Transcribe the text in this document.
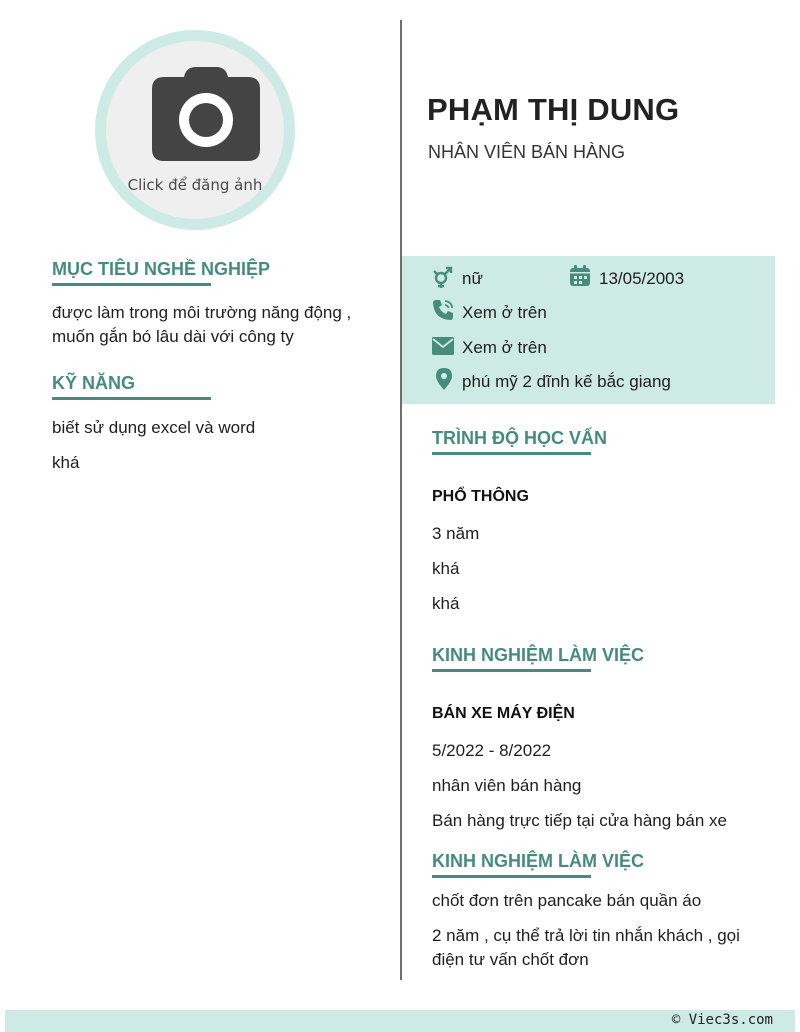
Click để đăng ảnh
MỤC TIÊU NGHỀ NGHIỆP
được làm trong môi trường năng động ,
muốn gắn bó lâu dài với công ty
KỸ NĂNG
biết sử dụng excel và word
khá
PHẠM THỊ DUNG
NHÂN VIÊN BÁN HÀNG
nữ	13/05/2003
Xem ở trên
Xem ở trên
phú mỹ 2 dĩnh kế bắc giang
TRÌNH ĐỘ HỌC VẤN
PHỔ THÔNG
3 năm
khá
khá
KINH NGHIỆM LÀM VIỆC
BÁN XE MÁY ĐIỆN
5/2022 - 8/2022
nhân viên bán hàng
Bán hàng trực tiếp tại cửa hàng bán xe
KINH NGHIỆM LÀM VIỆC
chốt đơn trên pancake bán quần áo
2 năm , cụ thể trả lời tin nhắn khách , gọi
điện tư vấn chốt đơn
© Viec3s.com
